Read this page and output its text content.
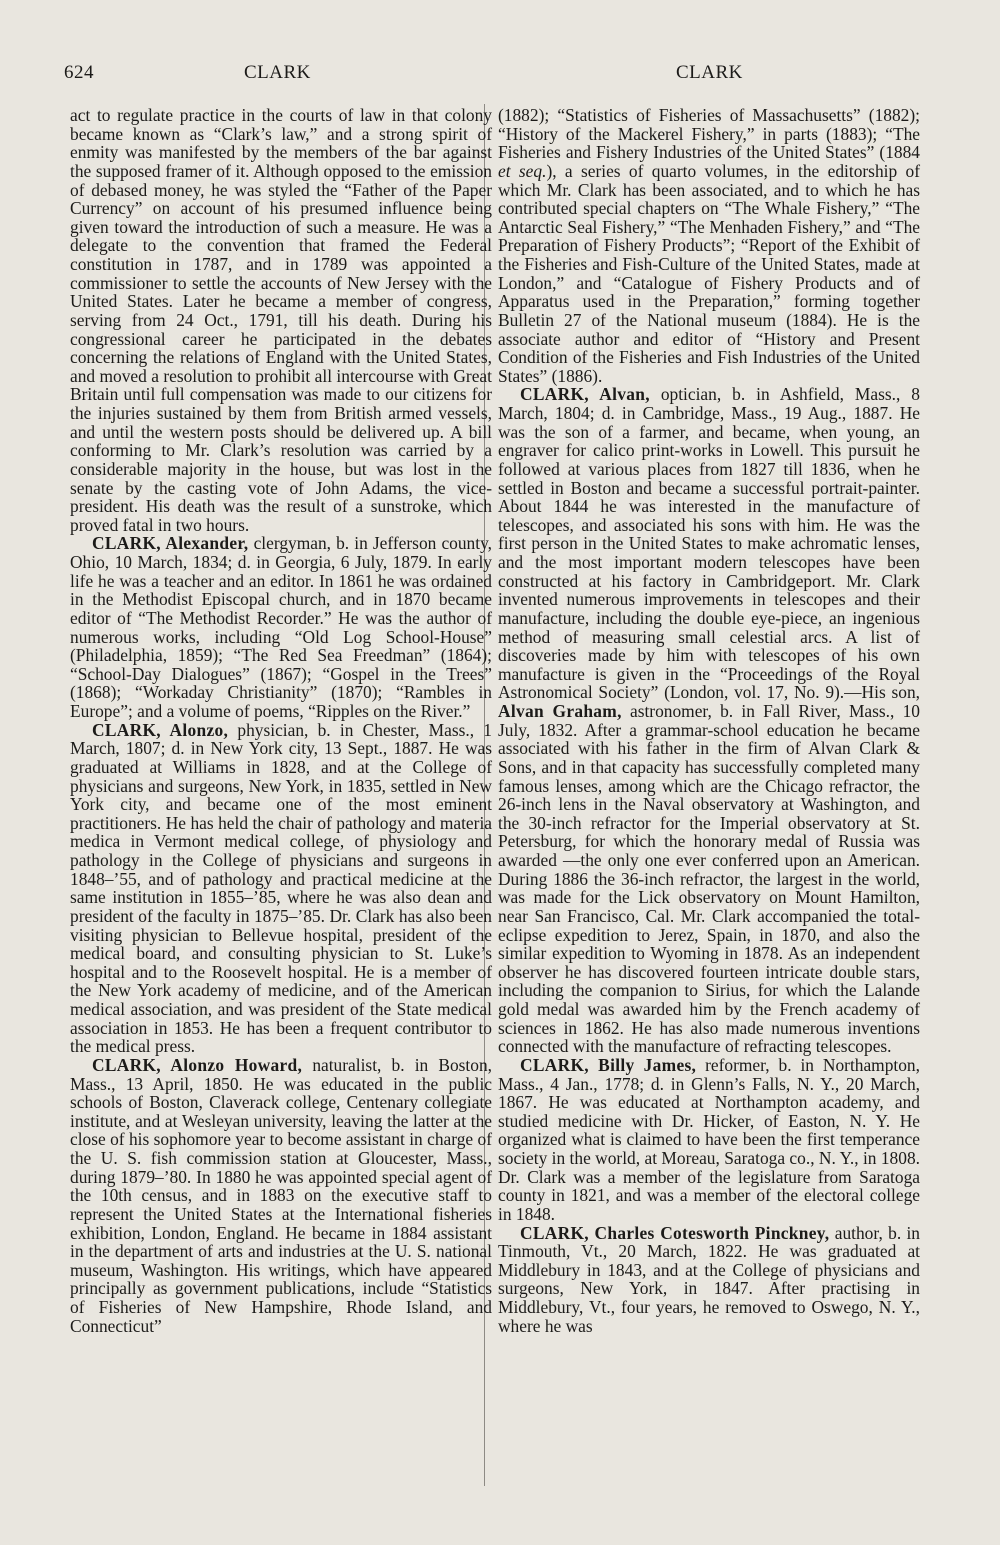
624	CLARK	CLARK

act to regulate practice in the courts of law in that colony became known as “Clark’s law,” and a strong spirit of enmity was manifested by the members of the bar against the supposed framer of it. Although opposed to the emission of debased money, he was styled the “Father of the Paper Currency” on account of his presumed influence being given toward the introduction of such a measure. He was a delegate to the convention that framed the Federal constitution in 1787, and in 1789 was appointed a commissioner to settle the accounts of New Jersey with the United States. Later he became a member of congress, serving from 24 Oct., 1791, till his death. During his congressional career he participated in the debates concerning the relations of England with the United States, and moved a resolution to prohibit all intercourse with Great Britain until full compensation was made to our citizens for the injuries sustained by them from British armed vessels, and until the western posts should be delivered up. A bill conforming to Mr. Clark’s resolution was carried by a considerable majority in the house, but was lost in the senate by the casting vote of John Adams, the vice-president. His death was the result of a sunstroke, which proved fatal in two hours.

CLARK, Alexander, clergyman, b. in Jefferson county, Ohio, 10 March, 1834; d. in Georgia, 6 July, 1879. In early life he was a teacher and an editor. In 1861 he was ordained in the Methodist Episcopal church, and in 1870 became editor of “The Methodist Recorder.” He was the author of numerous works, including “Old Log School-House” (Philadelphia, 1859); “The Red Sea Freedman” (1864); “School-Day Dialogues” (1867); “Gospel in the Trees” (1868); “Workaday Christianity” (1870); “Rambles in Europe”; and a volume of poems, “Ripples on the River.”

CLARK, Alonzo, physician, b. in Chester, Mass., 1 March, 1807; d. in New York city, 13 Sept., 1887. He was graduated at Williams in 1828, and at the College of physicians and surgeons, New York, in 1835, settled in New York city, and became one of the most eminent practitioners. He has held the chair of pathology and materia medica in Vermont medical college, of physiology and pathology in the College of physicians and surgeons in 1848–’55, and of pathology and practical medicine at the same institution in 1855–’85, where he was also dean and president of the faculty in 1875–’85. Dr. Clark has also been visiting physician to Bellevue hospital, president of the medical board, and consulting physician to St. Luke’s hospital and to the Roosevelt hospital. He is a member of the New York academy of medicine, and of the American medical association, and was president of the State medical association in 1853. He has been a frequent contributor to the medical press.

CLARK, Alonzo Howard, naturalist, b. in Boston, Mass., 13 April, 1850. He was educated in the public schools of Boston, Claverack college, Centenary collegiate institute, and at Wesleyan university, leaving the latter at the close of his sophomore year to become assistant in charge of the U. S. fish commission station at Gloucester, Mass., during 1879–’80. In 1880 he was appointed special agent of the 10th census, and in 1883 on the executive staff to represent the United States at the International fisheries exhibition, London, England. He became in 1884 assistant in the department of arts and industries at the U. S. national museum, Washington. His writings, which have appeared principally as government publications, include “Statistics of Fisheries of New Hampshire, Rhode Island, and Connecticut”

(1882); “Statistics of Fisheries of Massachusetts” (1882); “History of the Mackerel Fishery,” in parts (1883); “The Fisheries and Fishery Industries of the United States” (1884 et seq.), a series of quarto volumes, in the editorship of which Mr. Clark has been associated, and to which he has contributed special chapters on “The Whale Fishery,” “The Antarctic Seal Fishery,” “The Menhaden Fishery,” and “The Preparation of Fishery Products”; “Report of the Exhibit of the Fisheries and Fish-Culture of the United States, made at London,” and “Catalogue of Fishery Products and of Apparatus used in the Preparation,” forming together Bulletin 27 of the National museum (1884). He is the associate author and editor of “History and Present Condition of the Fisheries and Fish Industries of the United States” (1886).

CLARK, Alvan, optician, b. in Ashfield, Mass., 8 March, 1804; d. in Cambridge, Mass., 19 Aug., 1887. He was the son of a farmer, and became, when young, an engraver for calico print-works in Lowell. This pursuit he followed at various places from 1827 till 1836, when he settled in Boston and became a successful portrait-painter. About 1844 he was interested in the manufacture of telescopes, and associated his sons with him. He was the first person in the United States to make achromatic lenses, and the most important modern telescopes have been constructed at his factory in Cambridgeport. Mr. Clark invented numerous improvements in telescopes and their manufacture, including the double eye-piece, an ingenious method of measuring small celestial arcs. A list of discoveries made by him with telescopes of his own manufacture is given in the “Proceedings of the Royal Astronomical Society” (London, vol. 17, No. 9).—His son, Alvan Graham, astronomer, b. in Fall River, Mass., 10 July, 1832. After a grammar-school education he became associated with his father in the firm of Alvan Clark & Sons, and in that capacity has successfully completed many famous lenses, among which are the Chicago refractor, the 26-inch lens in the Naval observatory at Washington, and the 30-inch refractor for the Imperial observatory at St. Petersburg, for which the honorary medal of Russia was awarded —the only one ever conferred upon an American. During 1886 the 36-inch refractor, the largest in the world, was made for the Lick observatory on Mount Hamilton, near San Francisco, Cal. Mr. Clark accompanied the total-eclipse expedition to Jerez, Spain, in 1870, and also the similar expedition to Wyoming in 1878. As an independent observer he has discovered fourteen intricate double stars, including the companion to Sirius, for which the Lalande gold medal was awarded him by the French academy of sciences in 1862. He has also made numerous inventions connected with the manufacture of refracting telescopes.

CLARK, Billy James, reformer, b. in Northampton, Mass., 4 Jan., 1778; d. in Glenn’s Falls, N. Y., 20 March, 1867. He was educated at Northampton academy, and studied medicine with Dr. Hicker, of Easton, N. Y. He organized what is claimed to have been the first temperance society in the world, at Moreau, Saratoga co., N. Y., in 1808. Dr. Clark was a member of the legislature from Saratoga county in 1821, and was a member of the electoral college in 1848.

CLARK, Charles Cotesworth Pinckney, author, b. in Tinmouth, Vt., 20 March, 1822. He was graduated at Middlebury in 1843, and at the College of physicians and surgeons, New York, in 1847. After practising in Middlebury, Vt., four years, he removed to Oswego, N. Y., where he was
